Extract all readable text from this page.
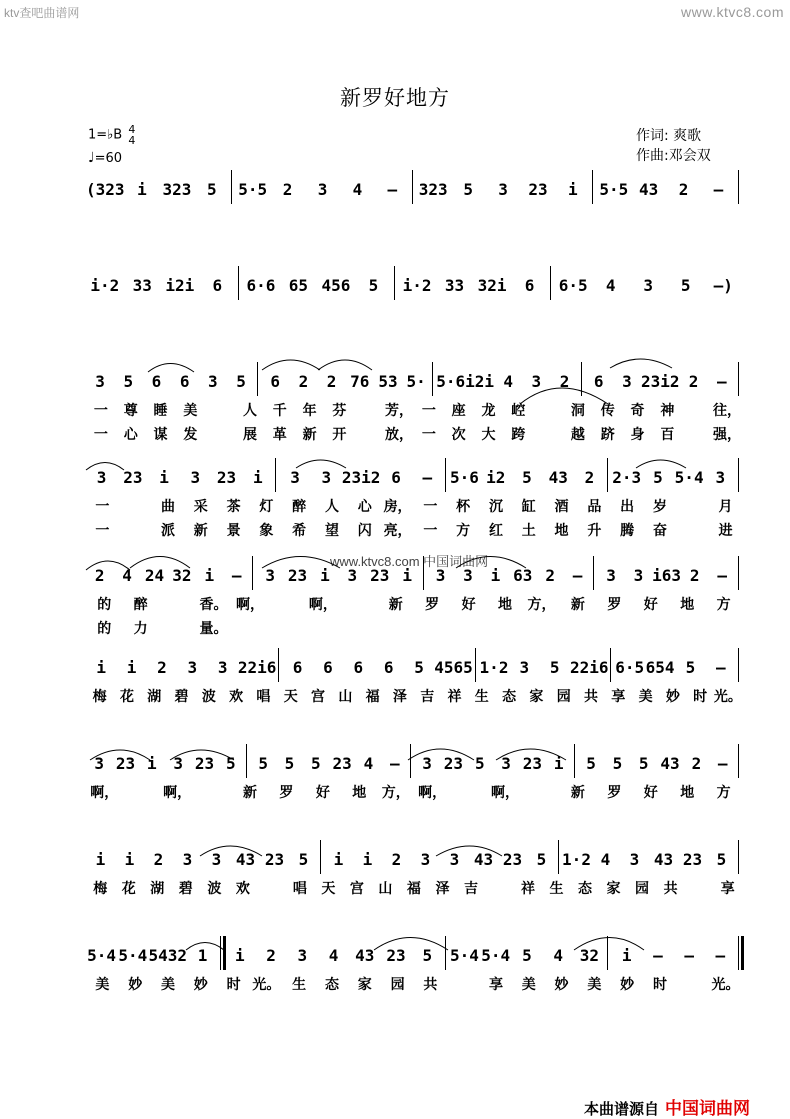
ktv查吧曲谱网	www.ktvc8.com
新罗好地方
1=♭B 4
4
♩=60
作词: 爽歌
作曲:邓会双
www.ktvc8.com 中国词曲网
(323 i 323 5	5·5 2	3	4	–	323 5	3	23	i	5·5 43	2	–
i·2 33 i2i	6	6·6 65 456	5	i·2 33 32i	6	6·5	4	3	5	–)
3	5	6	6	3	5	6	2	2 76 53 5· 5·6 i2i 4	3	2	6	3 23i2 2	–
一	尊	睡	美	人	千	年	芬	芳， 一	座	龙	崆	洞	传	奇	神	往，
一	心	谋	发	展	革	新	开	放， 一	次	大	跨	越	跻	身	百	强，
3	23	i	3	23	i	3	3 23i2 6	–	5·6 i2	5	43	2	2·3 5 5·4 3
一	曲	采	茶	灯	醉	人	心 房， 一	杯	沉	缸	酒	品	出	岁	月
一	派	新	景	象	希	望	闪 亮， 一	方	红	土	地	升	腾	奋	进
2	4 24 32 i	–	3 23 i	3 23 i	3	3	i 63 2	–	3	3 i63 2	–
的	醉	香。 啊，	啊，	新	罗	好	地	方，	新	罗	好	地	方
的	力	量。
i	i	2	3	3 22i6	6	6	6	6	5 4565 1·2 3	5 22i6 6·5 654 5	–
梅 花 湖 碧 波 欢 唱 天 宫 山 福 泽 吉 祥 生 态 家 园 共 享 美 妙 时 光。
3 23 i	3 23 5	5	5	5 23 4	–	3 23 5	3 23 i	5	5	5 43 2	–
啊，	啊，	新	罗	好	地	方， 啊，	啊，	新	罗	好	地	方
i	i	2	3	3 43 23 5	i	i	2	3	3 43 23 5 1·2 4	3 43 23 5
梅	花	湖	碧	波	欢	唱	天	宫	山	福	泽	吉	祥	生	态	家	园	共	享
5·4 5·4 5432 1	i	2	3	4	43 23	5	5·4 5·4 5	4	32	i	–	–	–
美	妙	美	妙	时 光。 生	态	家	园	共	享	美	妙	美	妙	时	光。
本曲谱源自 中国词曲网
